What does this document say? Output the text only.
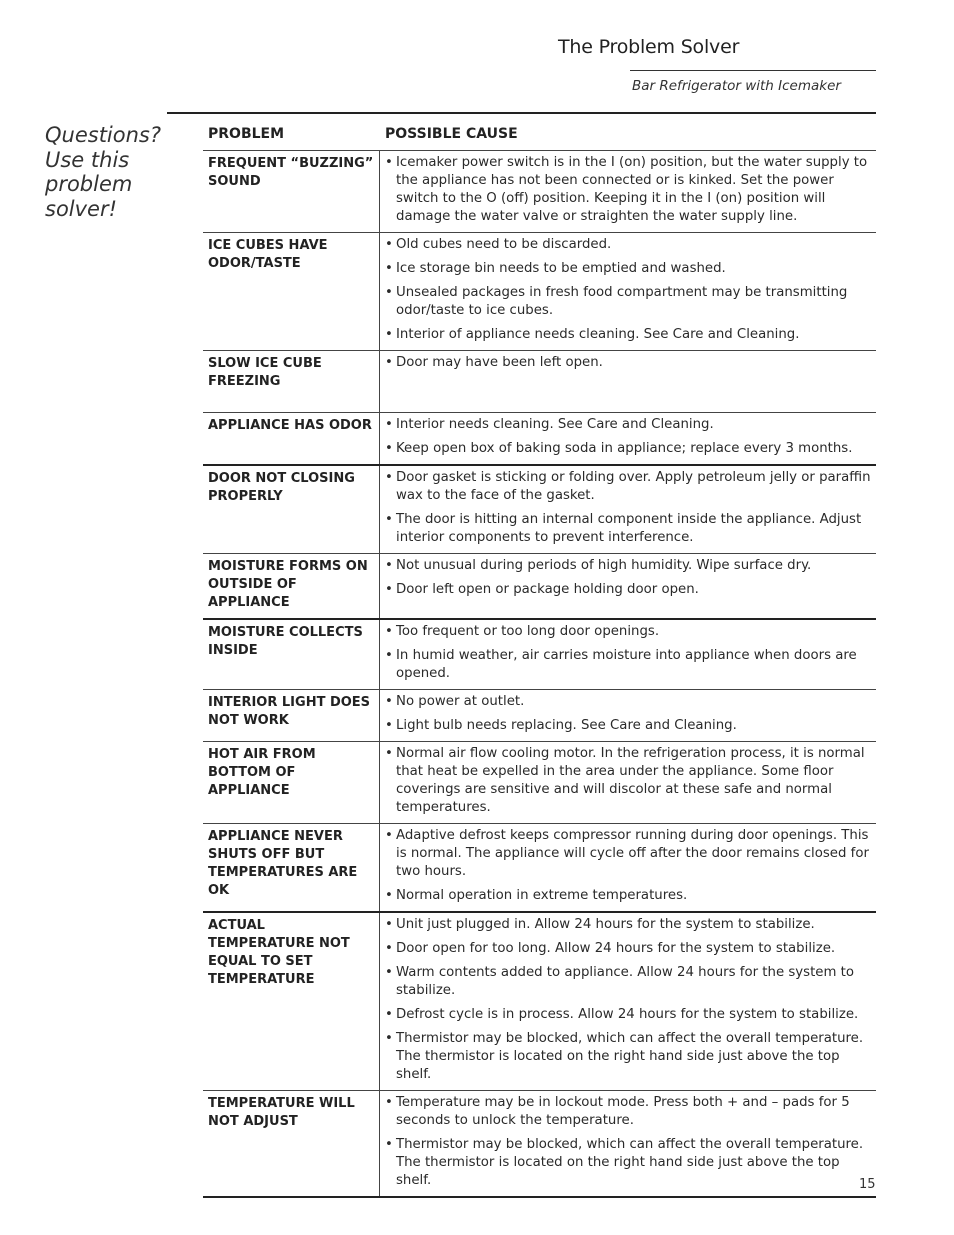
The Problem Solver
Bar Refrigerator with Icemaker
Questions? Use this problem solver!
PROBLEM	POSSIBLE CAUSE
FREQUENT “BUZZING” SOUND
• Icemaker power switch is in the I (on) position, but the water supply to the appliance has not been connected or is kinked. Set the power switch to the O (off) position. Keeping it in the I (on) position will damage the water valve or straighten the water supply line.
ICE CUBES HAVE ODOR/TASTE
• Old cubes need to be discarded.
• Ice storage bin needs to be emptied and washed.
• Unsealed packages in fresh food compartment may be transmitting odor/taste to ice cubes.
• Interior of appliance needs cleaning. See Care and Cleaning.
SLOW ICE CUBE FREEZING
• Door may have been left open.
APPLIANCE HAS ODOR
•	Interior needs cleaning. See Care and Cleaning.
• Keep open box of baking soda in appliance; replace every 3 months.
DOOR NOT CLOSING PROPERLY
• Door gasket is sticking or folding over. Apply petroleum jelly or paraffin wax to the face of the gasket.
• The door is hitting an internal component inside the appliance. Adjust interior components to prevent interference.
MOISTURE FORMS ON OUTSIDE OF APPLIANCE
• Not unusual during periods of high humidity. Wipe surface dry.
• Door left open or package holding door open.
MOISTURE COLLECTS INSIDE
• Too frequent or too long door openings.
• In humid weather, air carries moisture into appliance when doors are opened.
INTERIOR LIGHT DOES NOT WORK
• No power at outlet.
• Light bulb needs replacing. See Care and Cleaning.
HOT AIR FROM BOTTOM OF APPLIANCE
• Normal air flow cooling motor. In the refrigeration process, it is normal that heat be expelled in the area under the appliance. Some floor coverings are sensitive and will discolor at these safe and normal temperatures.
APPLIANCE NEVER SHUTS OFF BUT TEMPERATURES ARE OK
• Adaptive defrost keeps compressor running during door openings. This is normal. The appliance will cycle off after the door remains closed for two hours.
• Normal operation in extreme temperatures.
ACTUAL TEMPERATURE NOT EQUAL TO SET TEMPERATURE
• Unit just plugged in. Allow 24 hours for the system to stabilize.
• Door open for too long. Allow 24 hours for the system to stabilize.
• Warm contents added to appliance. Allow 24 hours for the system to stabilize.
• Defrost cycle is in process. Allow 24 hours for the system to stabilize.
• Thermistor may be blocked, which can affect the overall temperature. The thermistor is located on the right hand side just above the top shelf.
TEMPERATURE WILL NOT ADJUST
• Temperature may be in lockout mode. Press both + and – pads for 5 seconds to unlock the temperature.
• Thermistor may be blocked, which can affect the overall temperature. The thermistor is located on the right hand side just above the top shelf.	15
